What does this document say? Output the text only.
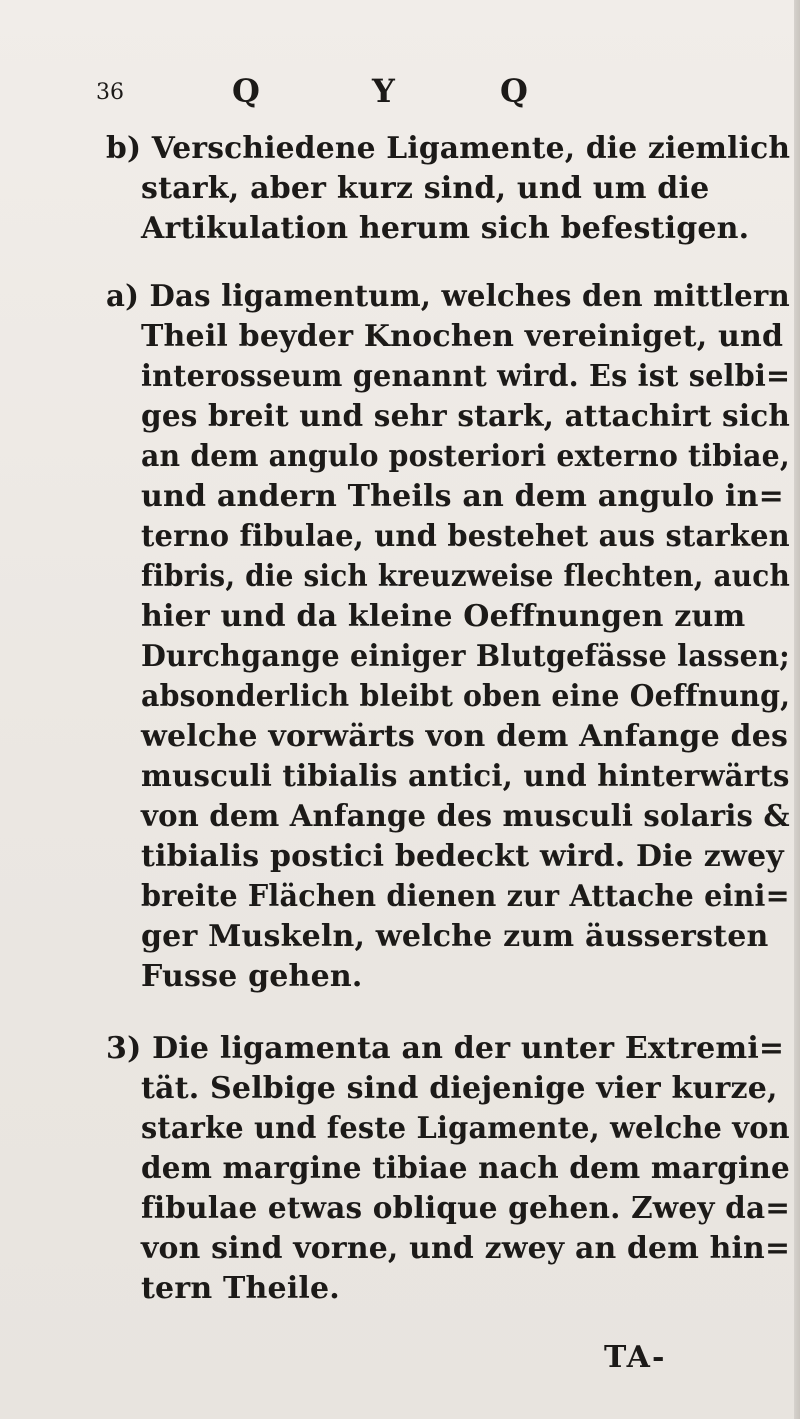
36	Q	Y	Q
b) Verschiedene Ligamente, die ziemlich
stark, aber kurz sind, und um die
Artikulation herum sich befestigen.
a) Das ligamentum, welches den mittlern
Theil beyder Knochen vereiniget, und
interosseum genannt wird. Es ist selbi=
ges breit und sehr stark, attachirt sich
an dem angulo posteriori externo tibiae,
und andern Theils an dem angulo in=
terno fibulae, und bestehet aus starken
fibris, die sich kreuzweise flechten, auch
hier und da kleine Oeffnungen zum
Durchgange einiger Blutgefässe lassen;
absonderlich bleibt oben eine Oeffnung,
welche vorwärts von dem Anfange des
musculi tibialis antici, und hinterwärts
von dem Anfange des musculi solaris &
tibialis postici bedeckt wird. Die zwey
breite Flächen dienen zur Attache eini=
ger Muskeln, welche zum äussersten
Fusse gehen.
3) Die ligamenta an der unter Extremi=
tät. Selbige sind diejenige vier kurze,
starke und feste Ligamente, welche von
dem margine tibiae nach dem margine
fibulae etwas oblique gehen. Zwey da=
von sind vorne, und zwey an dem hin=
tern Theile.
TA-
